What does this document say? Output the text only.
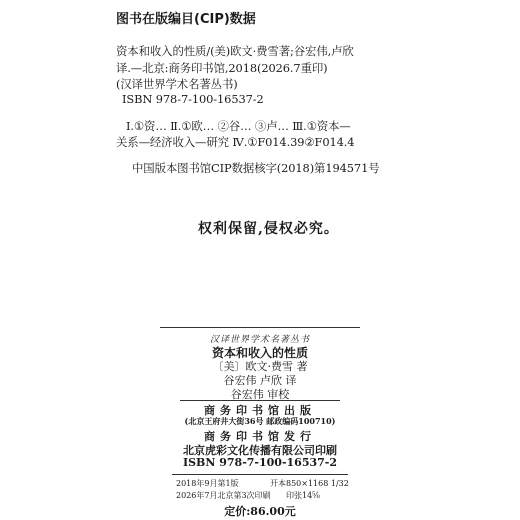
图书在版编目(CIP)数据
资本和收入的性质/(美)欧文·费雪著;谷宏伟,卢欣
译.—北京:商务印书馆,2018(2026.7重印)
(汉译世界学术名著丛书)
ISBN 978-7-100-16537-2
Ⅰ.①资… Ⅱ.①欧… ②谷… ③卢… Ⅲ.①资本—
关系—经济收入—研究 Ⅳ.①F014.39②F014.4
中国版本图书馆CIP数据核字(2018)第194571号
权利保留,侵权必究。
汉译世界学术名著丛书
资本和收入的性质
〔美〕欧文·费雪 著
谷宏伟 卢欣 译
谷宏伟 审校
商务印书馆出版
(北京王府井大街36号 邮政编码100710)
商务印书馆发行
北京虎彩文化传播有限公司印刷
ISBN 978-7-100-16537-2
2018年9月第1版	开本850×1168 1/32
2026年7月北京第3次印刷 印张14⅝
定价:86.00元
